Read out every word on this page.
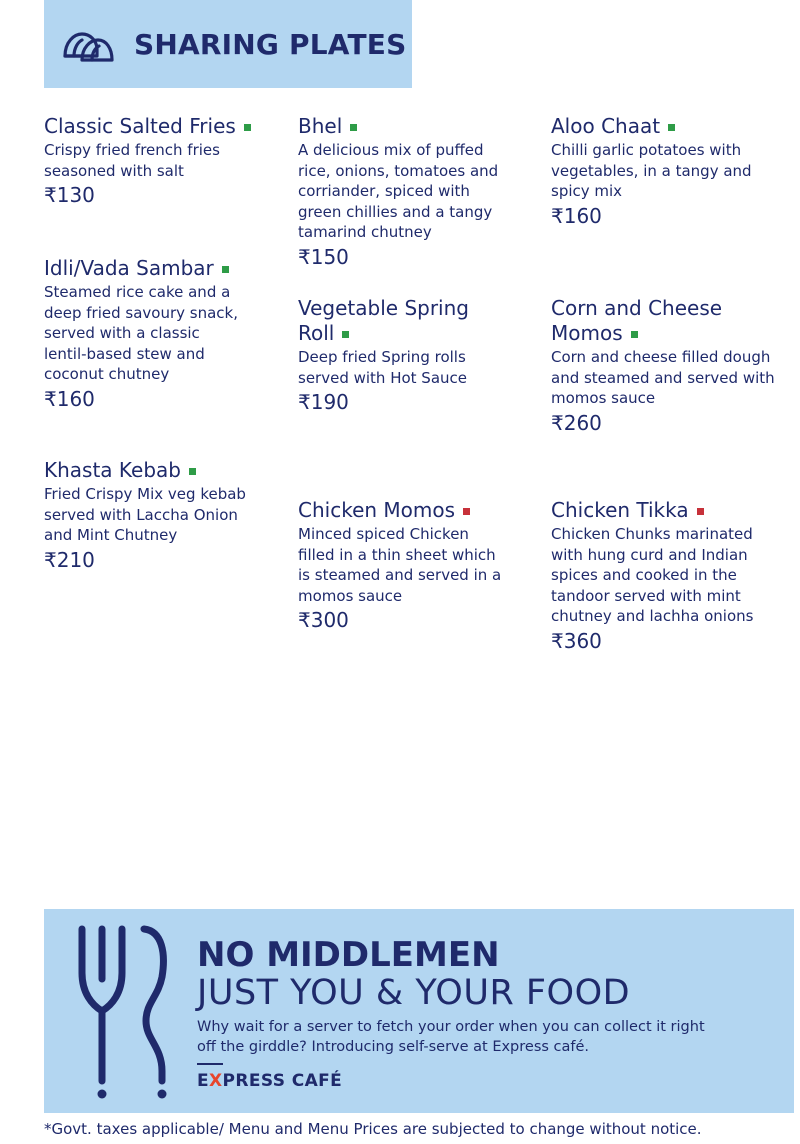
SHARING PLATES
Classic Salted Fries
Crispy fried french fries seasoned with salt
₹130
Idli/Vada Sambar
Steamed rice cake and a deep fried savoury snack, served with a classic lentil-based stew and coconut chutney
₹160
Khasta Kebab
Fried Crispy Mix veg kebab served with Laccha Onion and Mint Chutney
₹210
Bhel
A delicious mix of puffed rice, onions, tomatoes and corriander, spiced with green chillies and a tangy tamarind chutney
₹150
Vegetable Spring Roll
Deep fried Spring rolls served with Hot Sauce
₹190
Chicken Momos
Minced spiced Chicken filled in a thin sheet which is steamed and served in a momos sauce
₹300
Aloo Chaat
Chilli garlic potatoes with vegetables, in a tangy and spicy mix
₹160
Corn and Cheese Momos
Corn and cheese filled dough and steamed and served with momos sauce
₹260
Chicken Tikka
Chicken Chunks marinated with hung curd and Indian spices and cooked in the tandoor served with mint chutney and lachha onions
₹360
NO MIDDLEMEN
JUST YOU & YOUR FOOD
Why wait for a server to fetch your order when you can collect it right off the girddle? Introducing self-serve at Express café.
EXPRESS CAFÉ
*Govt. taxes applicable/ Menu and Menu Prices are subjected to change without notice.
